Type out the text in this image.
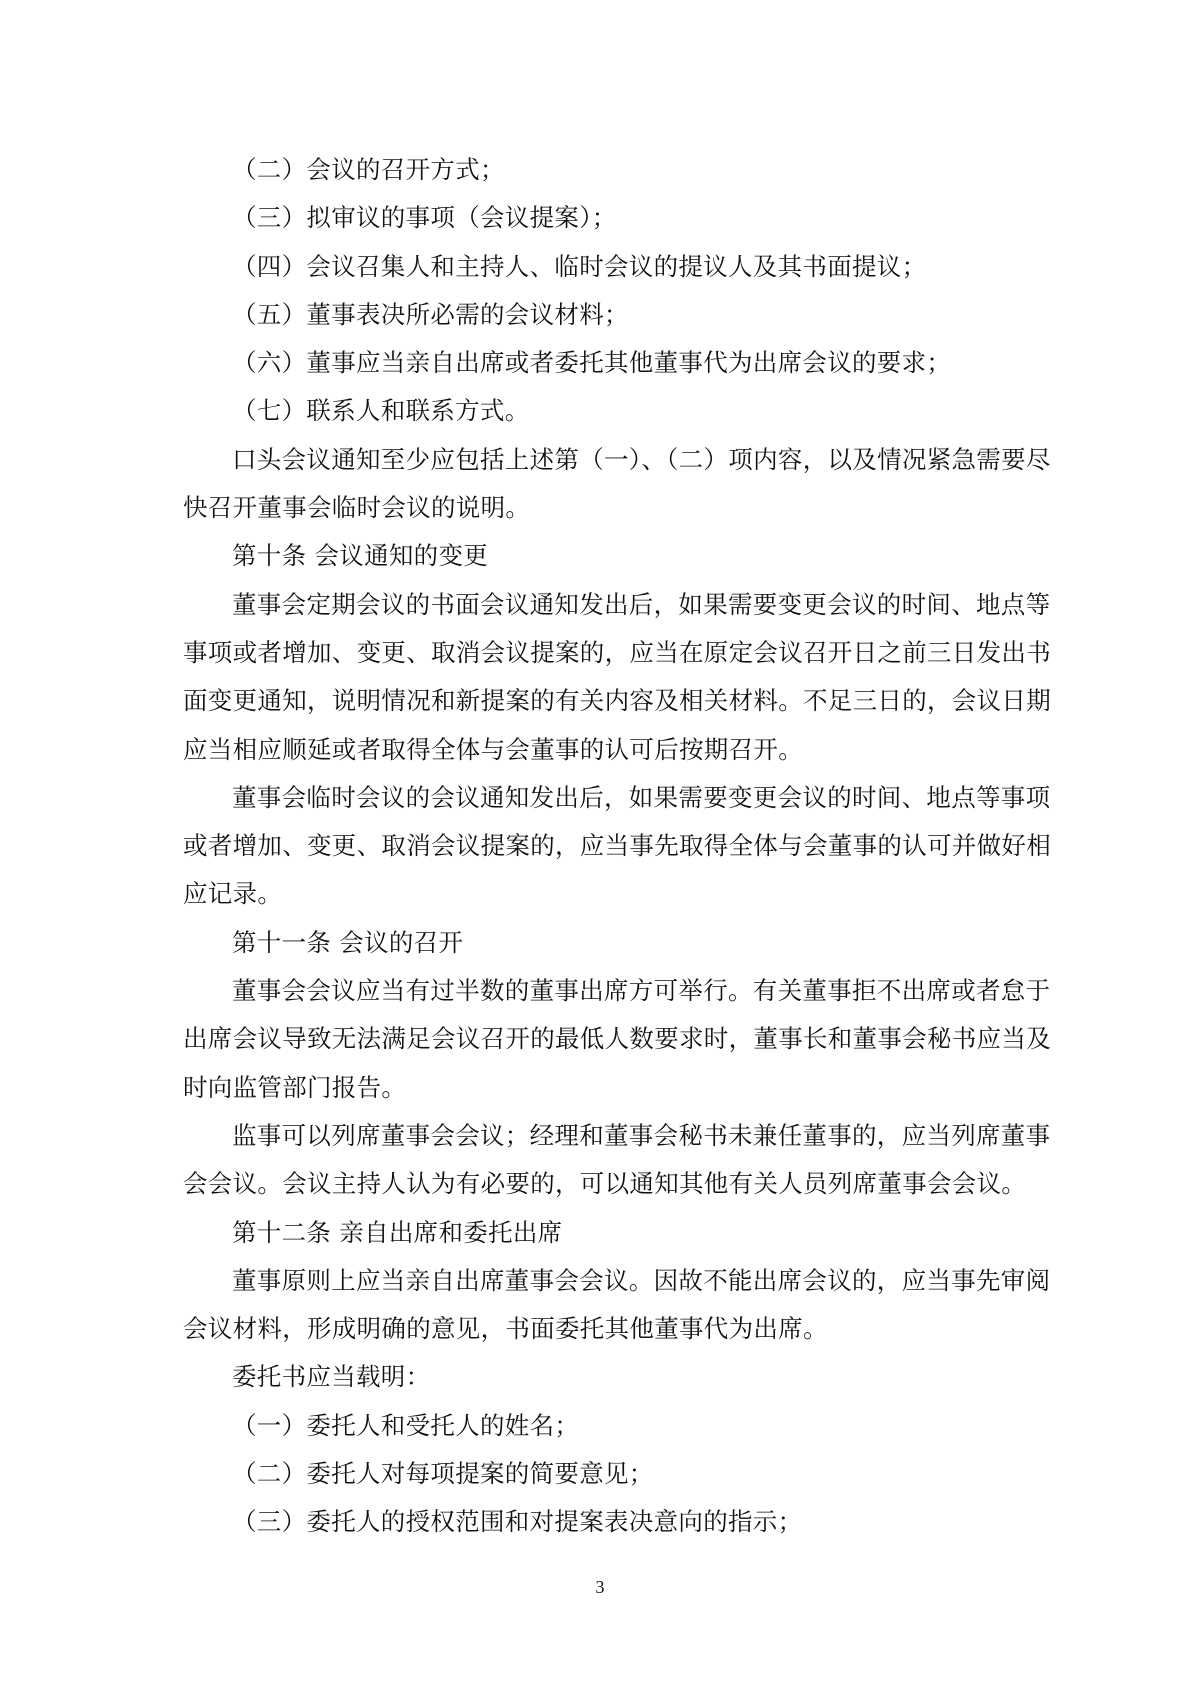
（二）会议的召开方式；
（三）拟审议的事项（会议提案）；
（四）会议召集人和主持人、临时会议的提议人及其书面提议；
（五）董事表决所必需的会议材料；
（六）董事应当亲自出席或者委托其他董事代为出席会议的要求；
（七）联系人和联系方式。
口头会议通知至少应包括上述第（一）、（二）项内容，以及情况紧急需要尽
快召开董事会临时会议的说明。
第十条 会议通知的变更
董事会定期会议的书面会议通知发出后，如果需要变更会议的时间、地点等
事项或者增加、变更、取消会议提案的，应当在原定会议召开日之前三日发出书
面变更通知，说明情况和新提案的有关内容及相关材料。不足三日的，会议日期
应当相应顺延或者取得全体与会董事的认可后按期召开。
董事会临时会议的会议通知发出后，如果需要变更会议的时间、地点等事项
或者增加、变更、取消会议提案的，应当事先取得全体与会董事的认可并做好相
应记录。
第十一条 会议的召开
董事会会议应当有过半数的董事出席方可举行。有关董事拒不出席或者怠于
出席会议导致无法满足会议召开的最低人数要求时，董事长和董事会秘书应当及
时向监管部门报告。
监事可以列席董事会会议；经理和董事会秘书未兼任董事的，应当列席董事
会会议。会议主持人认为有必要的，可以通知其他有关人员列席董事会会议。
第十二条 亲自出席和委托出席
董事原则上应当亲自出席董事会会议。因故不能出席会议的，应当事先审阅
会议材料，形成明确的意见，书面委托其他董事代为出席。
委托书应当载明：
（一）委托人和受托人的姓名；
（二）委托人对每项提案的简要意见；
（三）委托人的授权范围和对提案表决意向的指示；
3
